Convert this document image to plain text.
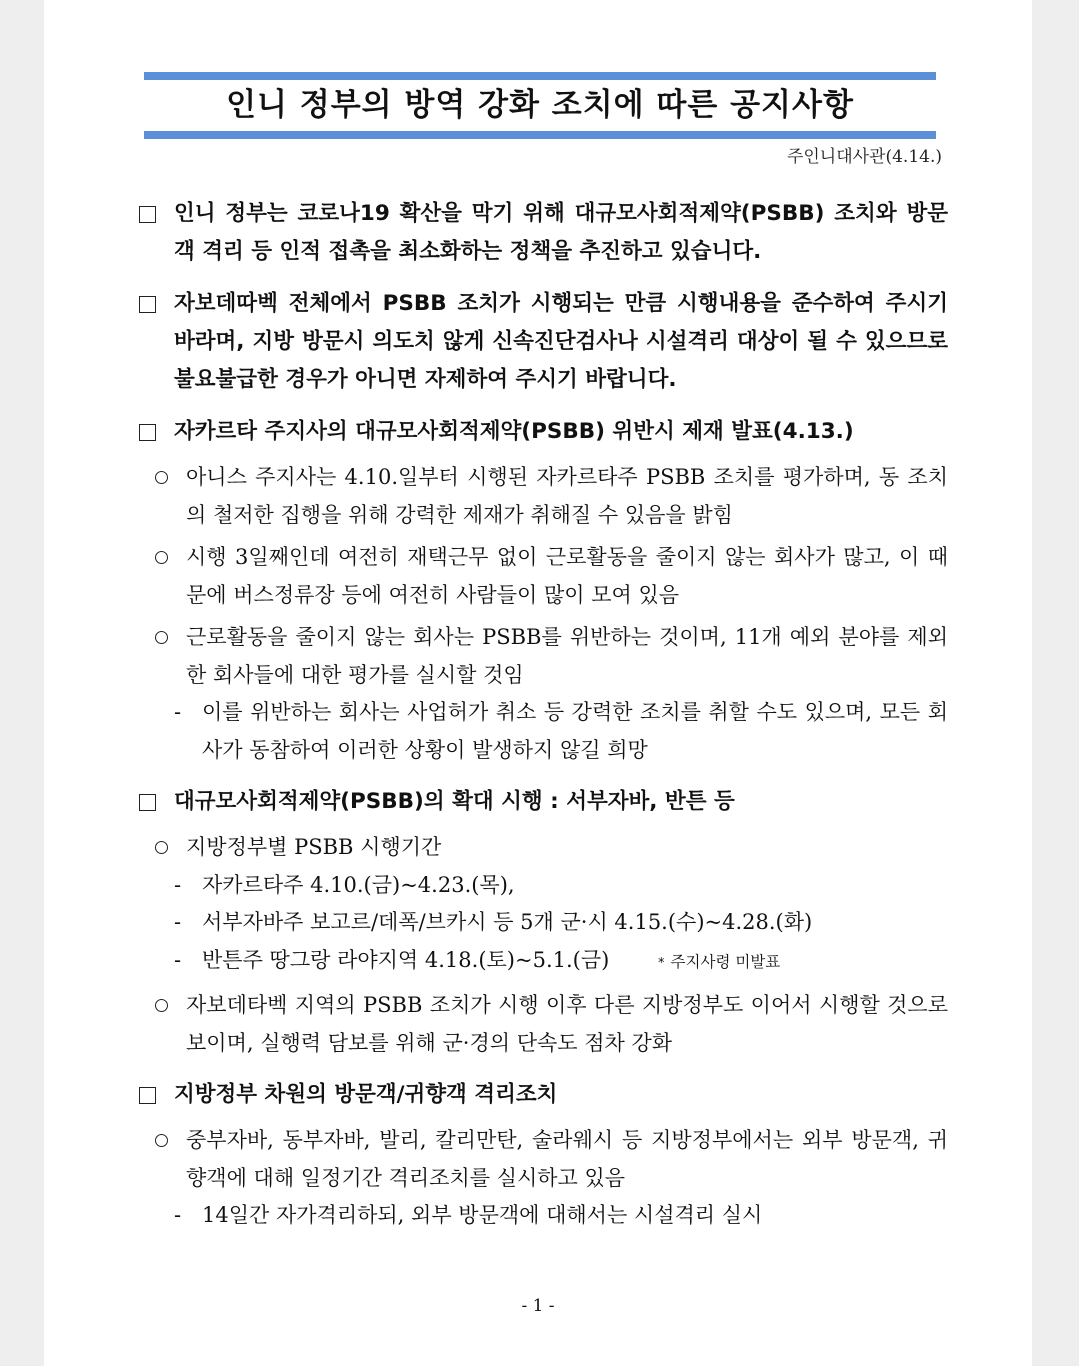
인니 정부의 방역 강화 조치에 따른 공지사항
주인니대사관(4.14.)
인니 정부는 코로나19 확산을 막기 위해 대규모사회적제약(PSBB) 조치와 방문객 격리 등 인적 접촉을 최소화하는 정책을 추진하고 있습니다.
자보데따벡 전체에서 PSBB 조치가 시행되는 만큼 시행내용을 준수하여 주시기 바라며, 지방 방문시 의도치 않게 신속진단검사나 시설격리 대상이 될 수 있으므로 불요불급한 경우가 아니면 자제하여 주시기 바랍니다.
자카르타 주지사의 대규모사회적제약(PSBB) 위반시 제재 발표(4.13.)
아니스 주지사는 4.10.일부터 시행된 자카르타주 PSBB 조치를 평가하며, 동 조치의 철저한 집행을 위해 강력한 제재가 취해질 수 있음을 밝힘
시행 3일째인데 여전히 재택근무 없이 근로활동을 줄이지 않는 회사가 많고, 이 때문에 버스정류장 등에 여전히 사람들이 많이 모여 있음
근로활동을 줄이지 않는 회사는 PSBB를 위반하는 것이며, 11개 예외 분야를 제외한 회사들에 대한 평가를 실시할 것임
- 이를 위반하는 회사는 사업허가 취소 등 강력한 조치를 취할 수도 있으며, 모든 회사가 동참하여 이러한 상황이 발생하지 않길 희망
대규모사회적제약(PSBB)의 확대 시행 : 서부자바, 반튼 등
지방정부별 PSBB 시행기간
- 자카르타주 4.10.(금)~4.23.(목),
- 서부자바주 보고르/데폭/브카시 등 5개 군·시 4.15.(수)~4.28.(화)
- 반튼주 땅그랑 라야지역 4.18.(토)~5.1.(금)	* 주지사령 미발표
자보데타벡 지역의 PSBB 조치가 시행 이후 다른 지방정부도 이어서 시행할 것으로 보이며, 실행력 담보를 위해 군·경의 단속도 점차 강화
지방정부 차원의 방문객/귀향객 격리조치
중부자바, 동부자바, 발리, 칼리만탄, 술라웨시 등 지방정부에서는 외부 방문객, 귀향객에 대해 일정기간 격리조치를 실시하고 있음
- 14일간 자가격리하되, 외부 방문객에 대해서는 시설격리 실시
- 1 -
